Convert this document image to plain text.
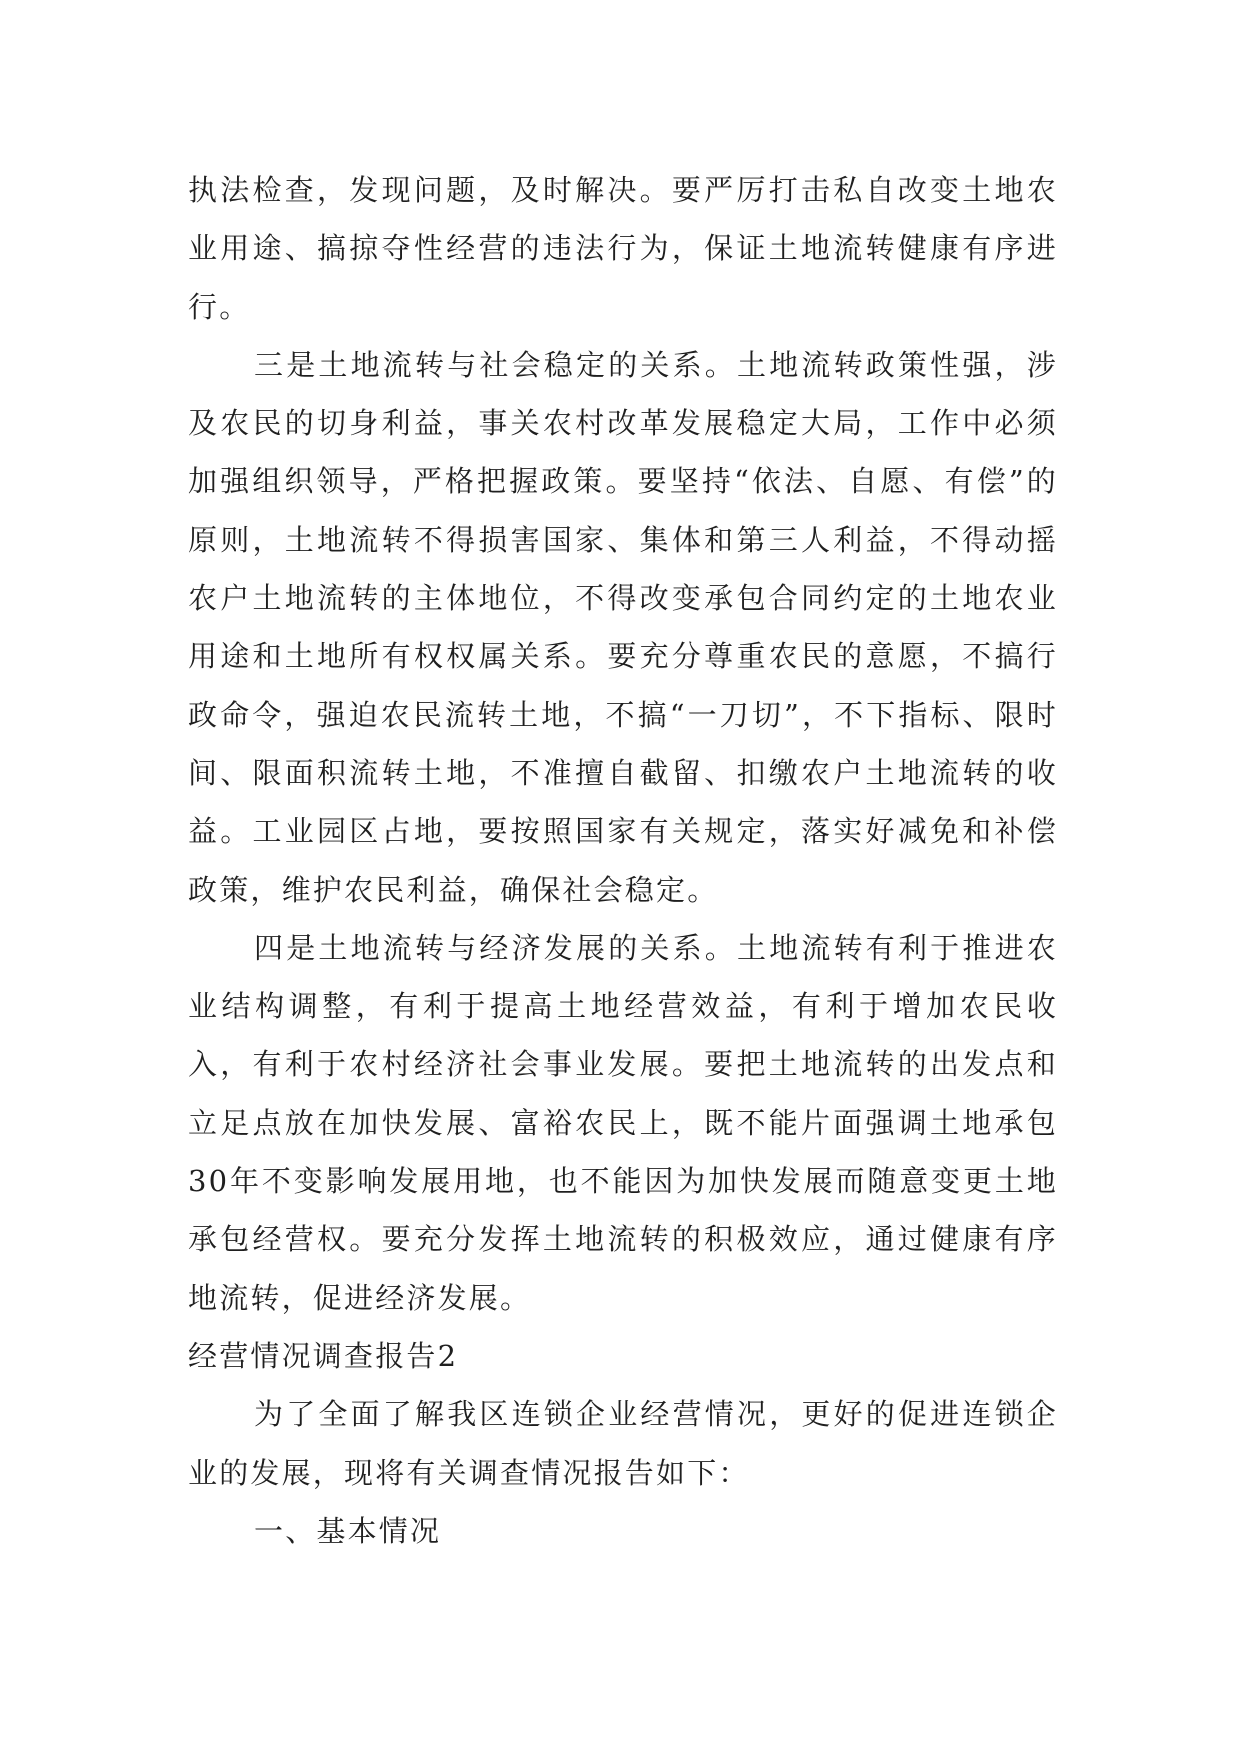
执法检查，发现问题，及时解决。要严厉打击私自改变土地农业用途、搞掠夺性经营的违法行为，保证土地流转健康有序进行。

三是土地流转与社会稳定的关系。土地流转政策性强，涉及农民的切身利益，事关农村改革发展稳定大局，工作中必须加强组织领导，严格把握政策。要坚持“依法、自愿、有偿”的原则，土地流转不得损害国家、集体和第三人利益，不得动摇农户土地流转的主体地位，不得改变承包合同约定的土地农业用途和土地所有权权属关系。要充分尊重农民的意愿，不搞行政命令，强迫农民流转土地，不搞“一刀切”，不下指标、限时间、限面积流转土地，不准擅自截留、扣缴农户土地流转的收益。工业园区占地，要按照国家有关规定，落实好减免和补偿政策，维护农民利益，确保社会稳定。

四是土地流转与经济发展的关系。土地流转有利于推进农业结构调整，有利于提高土地经营效益，有利于增加农民收入，有利于农村经济社会事业发展。要把土地流转的出发点和立足点放在加快发展、富裕农民上，既不能片面强调土地承包30年不变影响发展用地，也不能因为加快发展而随意变更土地承包经营权。要充分发挥土地流转的积极效应，通过健康有序地流转，促进经济发展。

经营情况调查报告2

为了全面了解我区连锁企业经营情况，更好的促进连锁企业的发展，现将有关调查情况报告如下：

一、基本情况
